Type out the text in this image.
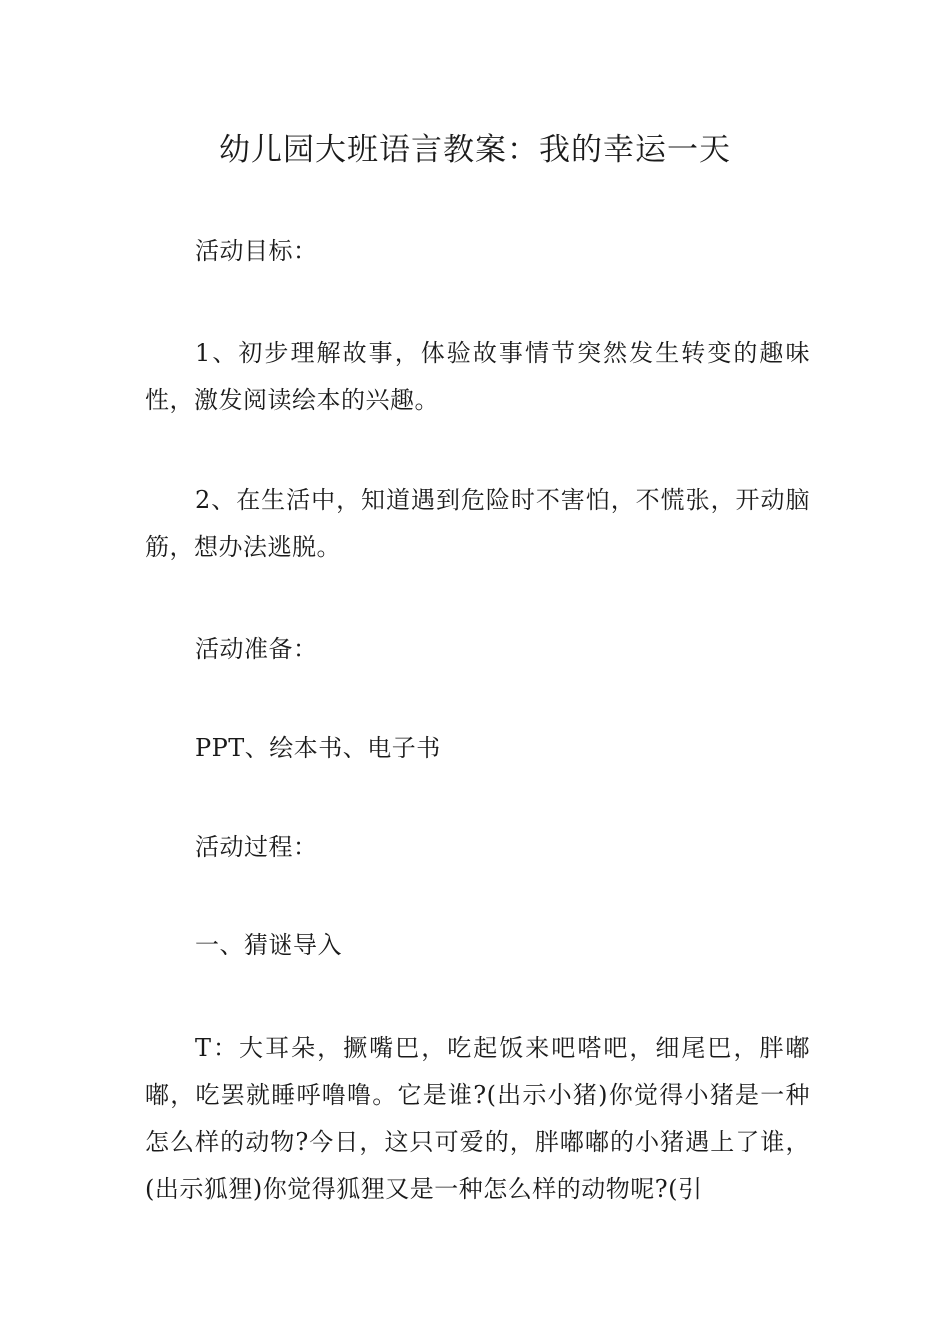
幼儿园大班语言教案：我的幸运一天

活动目标：

1、初步理解故事，体验故事情节突然发生转变的趣味性，激发阅读绘本的兴趣。

2、在生活中，知道遇到危险时不害怕，不慌张，开动脑筋，想办法逃脱。

活动准备：

PPT、绘本书、电子书

活动过程：

一、猜谜导入

T：大耳朵，撅嘴巴，吃起饭来吧嗒吧，细尾巴，胖嘟嘟，吃罢就睡呼噜噜。它是谁?(出示小猪)你觉得小猪是一种怎么样的动物?今日，这只可爱的，胖嘟嘟的小猪遇上了谁，(出示狐狸)你觉得狐狸又是一种怎么样的动物呢?(引
